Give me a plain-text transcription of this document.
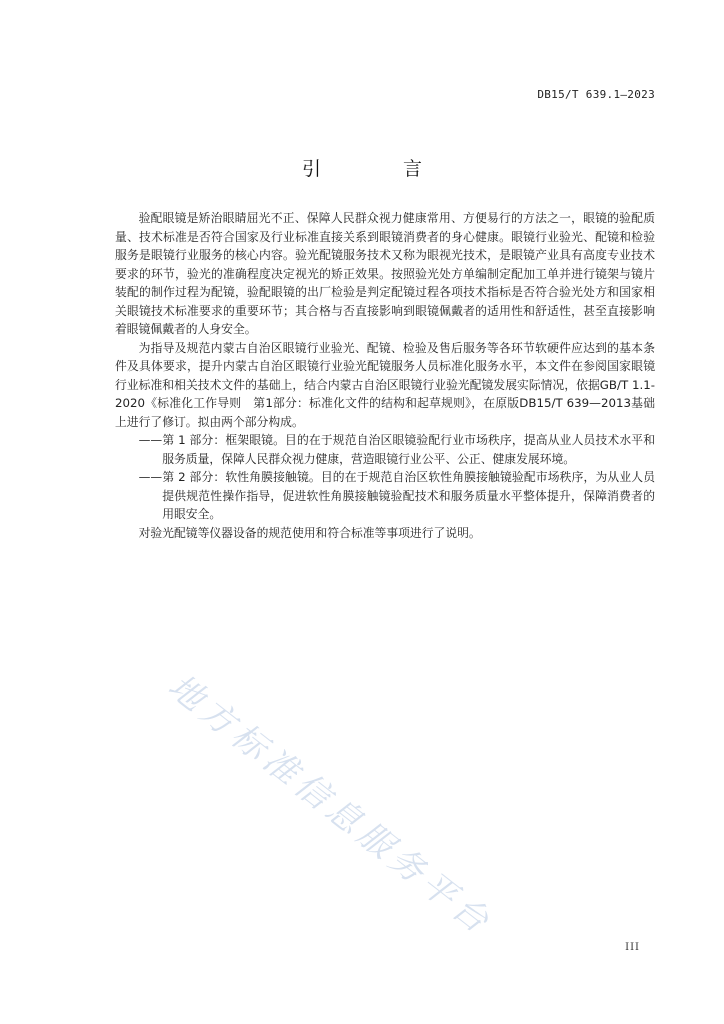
DB15/T 639.1—2023
引 言

验配眼镜是矫治眼睛屈光不正、保障人民群众视力健康常用、方便易行的方法之一，眼镜的验配质量、技术标准是否符合国家及行业标准直接关系到眼镜消费者的身心健康。眼镜行业验光、配镜和检验服务是眼镜行业服务的核心内容。验光配镜服务技术又称为眼视光技术，是眼镜产业具有高度专业技术要求的环节，验光的准确程度决定视光的矫正效果。按照验光处方单编制定配加工单并进行镜架与镜片装配的制作过程为配镜，验配眼镜的出厂检验是判定配镜过程各项技术指标是否符合验光处方和国家相关眼镜技术标准要求的重要环节；其合格与否直接影响到眼镜佩戴者的适用性和舒适性，甚至直接影响着眼镜佩戴者的人身安全。

为指导及规范内蒙古自治区眼镜行业验光、配镜、检验及售后服务等各环节软硬件应达到的基本条件及具体要求，提升内蒙古自治区眼镜行业验光配镜服务人员标准化服务水平，本文件在参阅国家眼镜行业标准和相关技术文件的基础上，结合内蒙古自治区眼镜行业验光配镜发展实际情况，依据GB/T 1.1-2020《标准化工作导则　第1部分：标准化文件的结构和起草规则》，在原版DB15/T 639—2013基础上进行了修订。拟由两个部分构成。

——第 1 部分：框架眼镜。目的在于规范自治区眼镜验配行业市场秩序，提高从业人员技术水平和服务质量，保障人民群众视力健康，营造眼镜行业公平、公正、健康发展环境。

——第 2 部分：软性角膜接触镜。目的在于规范自治区软性角膜接触镜验配市场秩序，为从业人员提供规范性操作指导，促进软性角膜接触镜验配技术和服务质量水平整体提升，保障消费者的用眼安全。

对验光配镜等仪器设备的规范使用和符合标准等事项进行了说明。

地方标准信息服务平台
III
